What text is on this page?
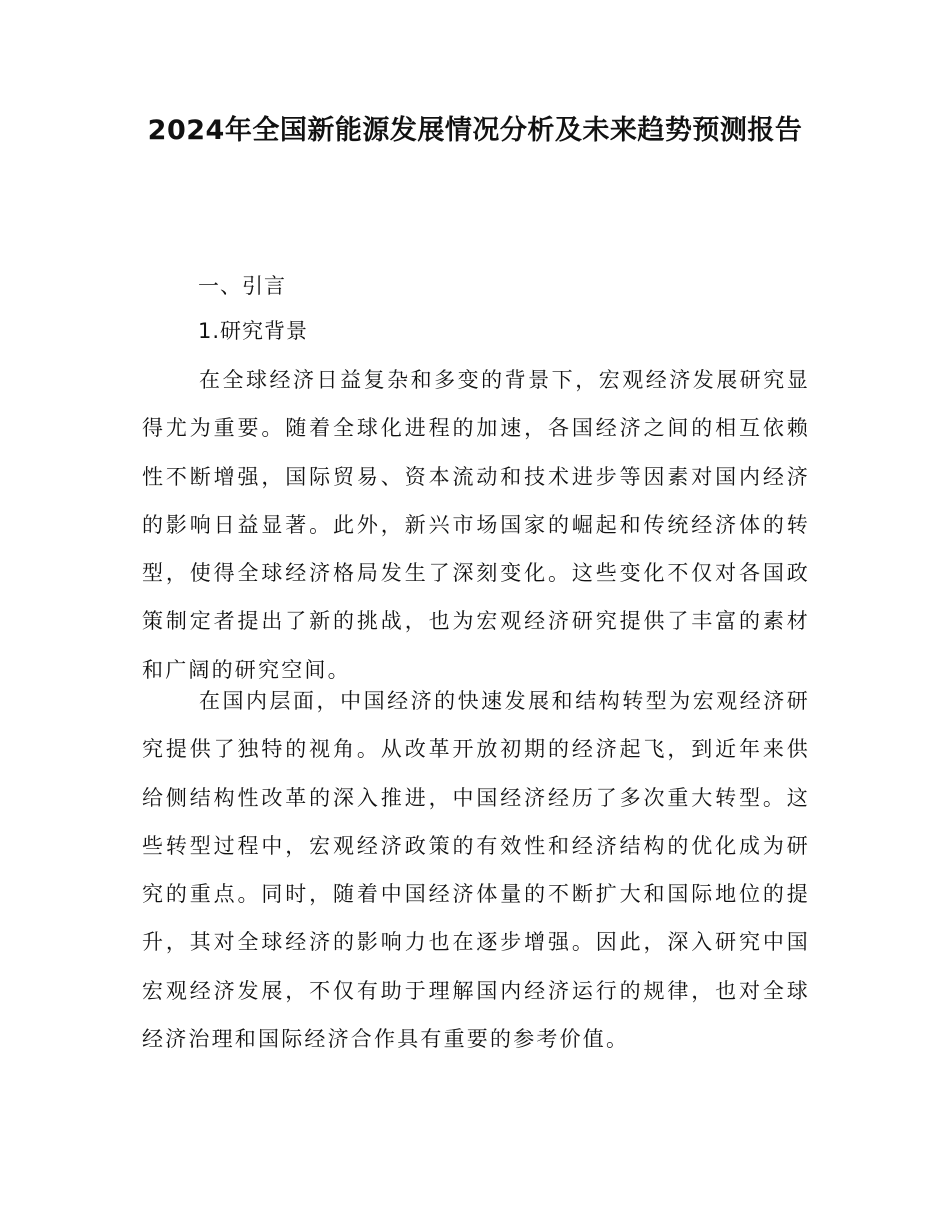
2024年全国新能源发展情况分析及未来趋势预测报告
一、引言
1.研究背景

在全球经济日益复杂和多变的背景下，宏观经济发展研究显得尤为重要。随着全球化进程的加速，各国经济之间的相互依赖性不断增强，国际贸易、资本流动和技术进步等因素对国内经济的影响日益显著。此外，新兴市场国家的崛起和传统经济体的转型，使得全球经济格局发生了深刻变化。这些变化不仅对各国政策制定者提出了新的挑战，也为宏观经济研究提供了丰富的素材和广阔的研究空间。

在国内层面，中国经济的快速发展和结构转型为宏观经济研究提供了独特的视角。从改革开放初期的经济起飞，到近年来供给侧结构性改革的深入推进，中国经济经历了多次重大转型。这些转型过程中，宏观经济政策的有效性和经济结构的优化成为研究的重点。同时，随着中国经济体量的不断扩大和国际地位的提升，其对全球经济的影响力也在逐步增强。因此，深入研究中国宏观经济发展，不仅有助于理解国内经济运行的规律，也对全球经济治理和国际经济合作具有重要的参考价值。
